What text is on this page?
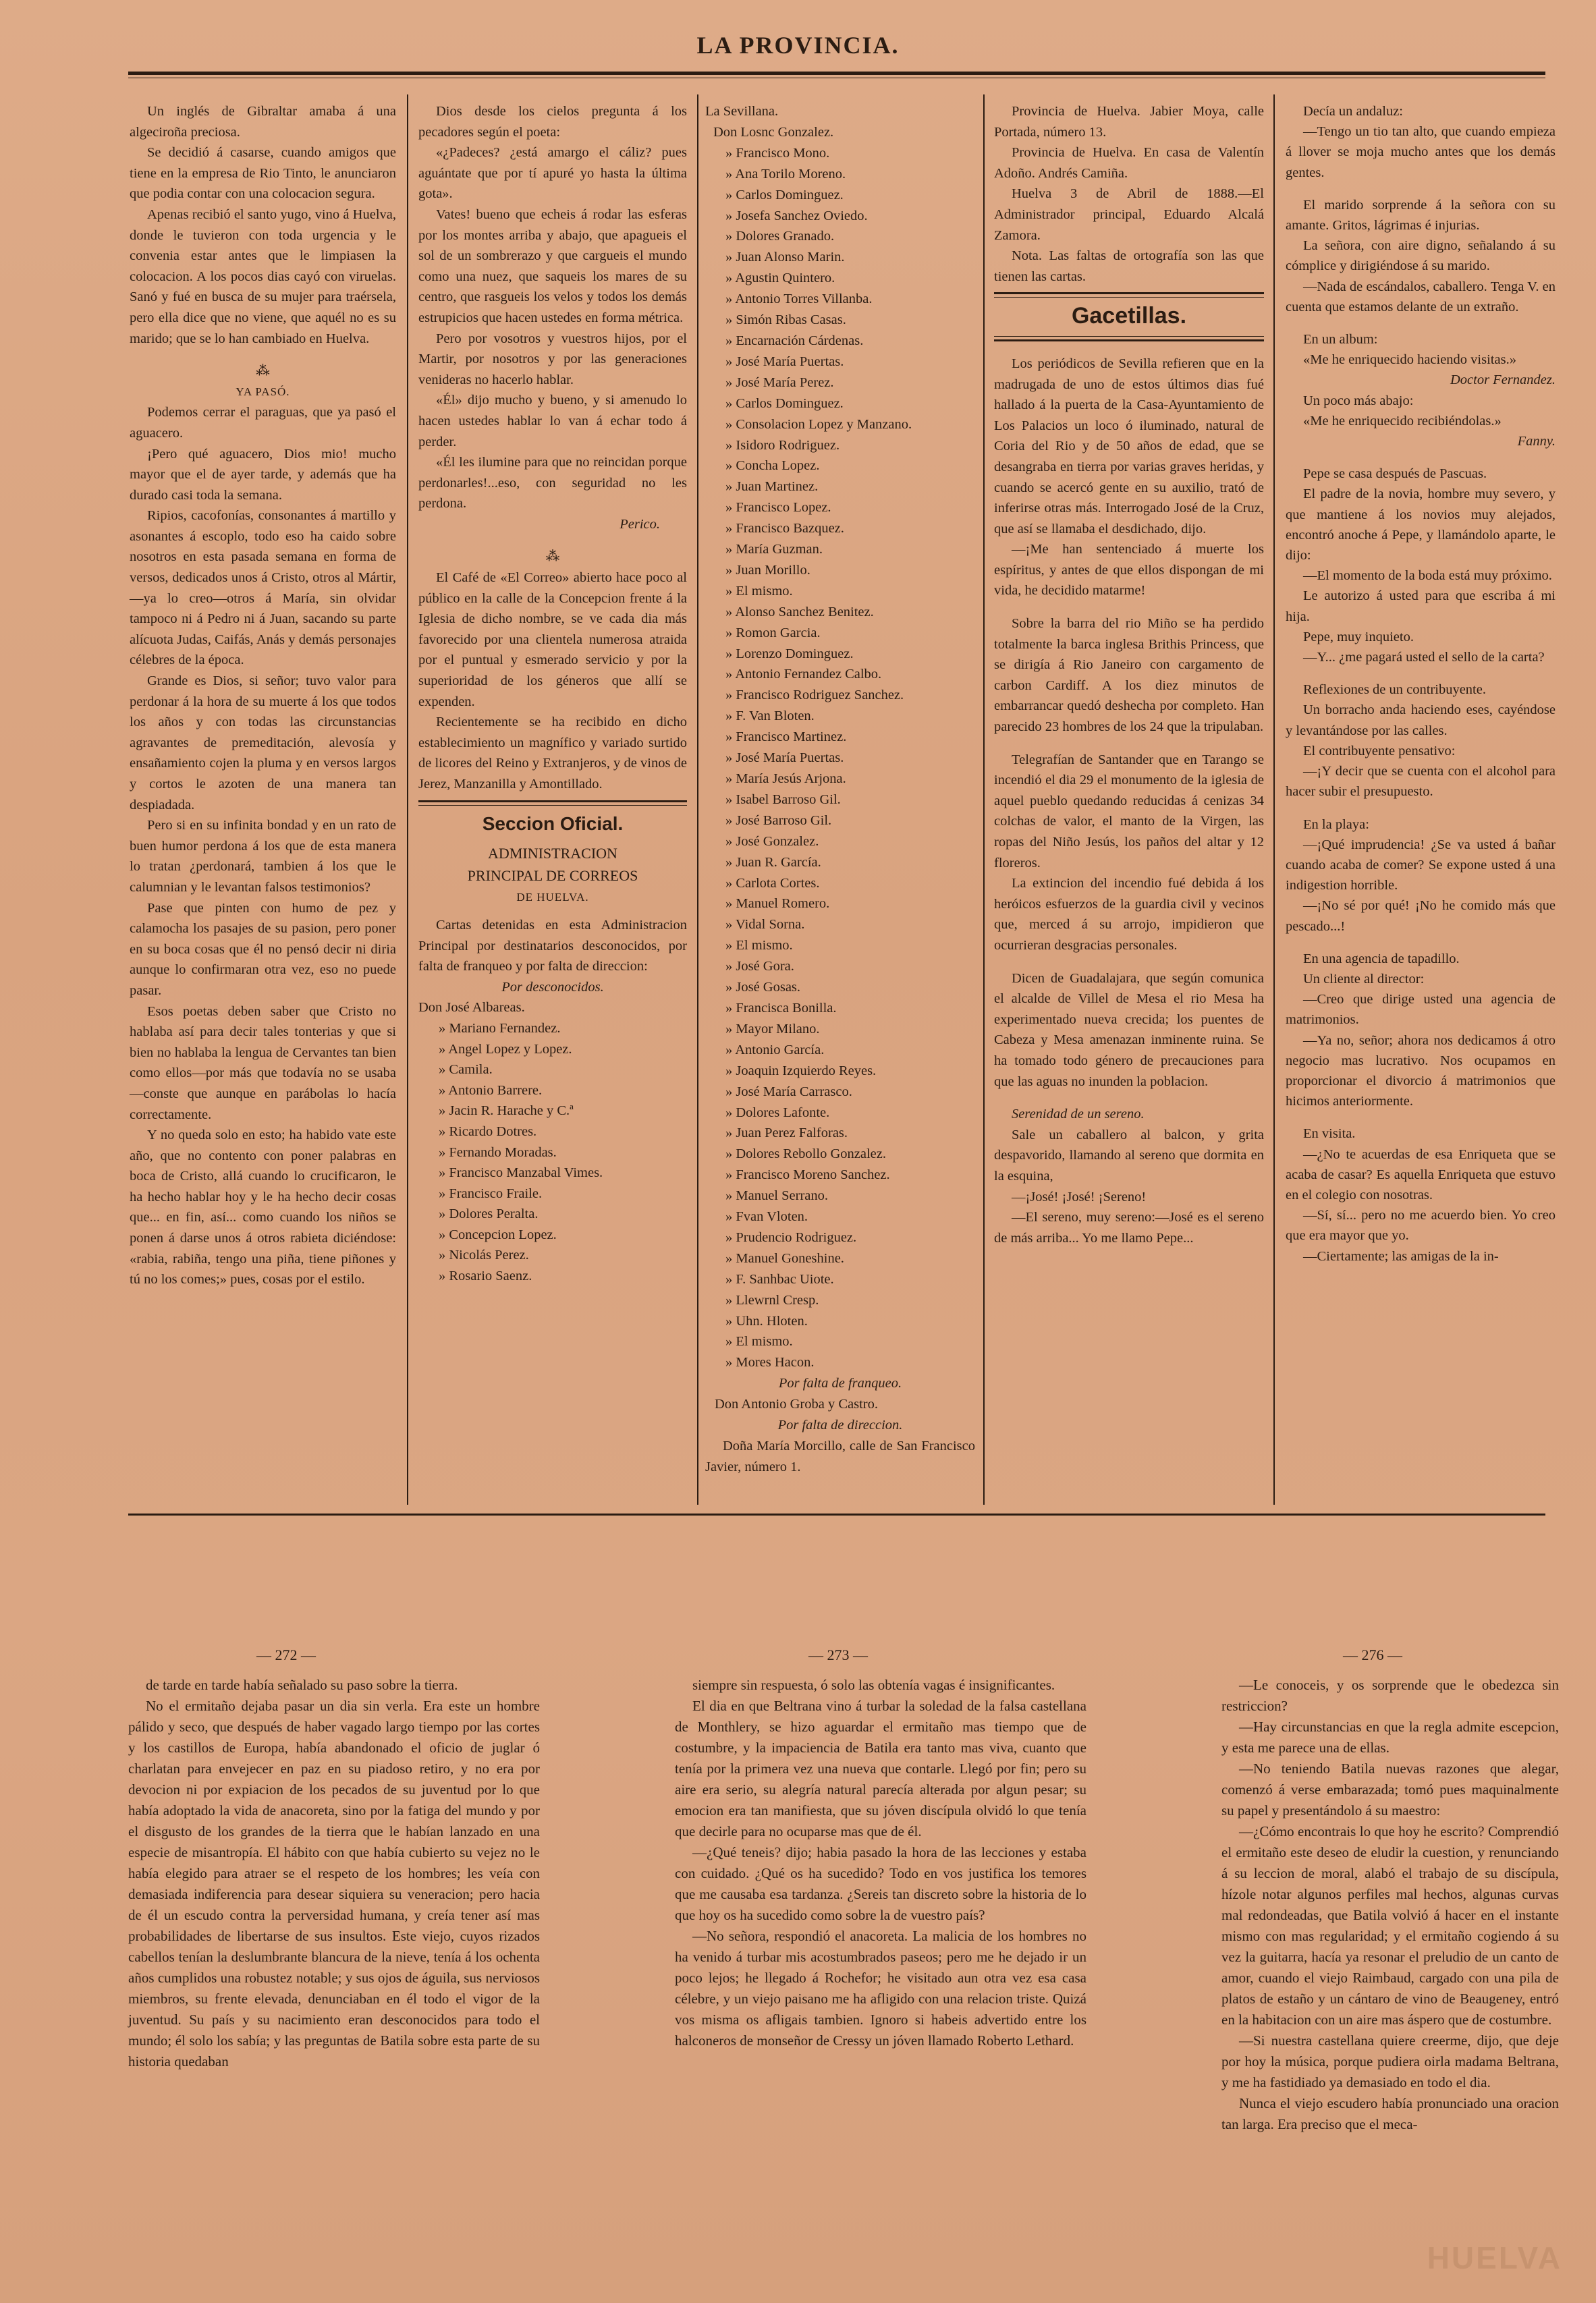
LA PROVINCIA.

Un inglés de Gibraltar amaba á una algeciroña preciosa.

Se decidió á casarse, cuando amigos que tiene en la empresa de Rio Tinto, le anunciaron que podia contar con una colocacion segura.

Apenas recibió el santo yugo, vino á Huelva, donde le tuvieron con toda urgencia y le convenia estar antes que le limpiasen la colocacion. A los pocos dias cayó con viruelas. Sanó y fué en busca de su mujer para traérsela, pero ella dice que no viene, que aquél no es su marido; que se lo han cambiado en Huelva.

⁂

YA PASÓ.

Podemos cerrar el paraguas, que ya pasó el aguacero.

¡Pero qué aguacero, Dios mio! mucho mayor que el de ayer tarde, y además que ha durado casi toda la semana.

Ripios, cacofonías, consonantes á martillo y asonantes á escoplo, todo eso ha caido sobre nosotros en esta pasada semana en forma de versos, dedicados unos á Cristo, otros al Mártir,—ya lo creo—otros á María, sin olvidar tampoco ni á Pedro ni á Juan, sacando su parte alícuota Judas, Caifás, Anás y demás personajes célebres de la época.

Grande es Dios, si señor; tuvo valor para perdonar á la hora de su muerte á los que todos los años y con todas las circunstancias agravantes de premeditación, alevosía y ensañamiento cojen la pluma y en versos largos y cortos le azoten de una manera tan despiadada.

Pero si en su infinita bondad y en un rato de buen humor perdona á los que de esta manera lo tratan ¿perdonará, tambien á los que le calumnian y le levantan falsos testimonios?

Pase que pinten con humo de pez y calamocha los pasajes de su pasion, pero poner en su boca cosas que él no pensó decir ni diria aunque lo confirmaran otra vez, eso no puede pasar.

Esos poetas deben saber que Cristo no hablaba así para decir tales tonterias y que si bien no hablaba la lengua de Cervantes tan bien como ellos—por más que todavía no se usaba—conste que aunque en parábolas lo hacía correctamente.

Y no queda solo en esto; ha habido vate este año, que no contento con poner palabras en boca de Cristo, allá cuando lo crucificaron, le ha hecho hablar hoy y le ha hecho decir cosas que... en fin, así... como cuando los niños se ponen á darse unos á otros rabieta diciéndose: «rabia, rabiña, tengo una piña, tiene piñones y tú no los comes;» pues, cosas por el estilo.

Dios desde los cielos pregunta á los pecadores según el poeta:

«¿Padeces? ¿está amargo el cáliz? pues aguántate que por tí apuré yo hasta la última gota».

Vates! bueno que echeis á rodar las esferas por los montes arriba y abajo, que apagueis el sol de un sombrerazo y que cargueis el mundo como una nuez, que saqueis los mares de su centro, que rasgueis los velos y todos los demás estrupicios que hacen ustedes en forma métrica.

Pero por vosotros y vuestros hijos, por el Martir, por nosotros y por las generaciones venideras no hacerlo hablar.

«Él» dijo mucho y bueno, y si amenudo lo hacen ustedes hablar lo van á echar todo á perder.

«Él les ilumine para que no reincidan porque perdonarles!...eso, con seguridad no les perdona.

Perico.

⁂

El Café de «El Correo» abierto hace poco al público en la calle de la Concepcion frente á la Iglesia de dicho nombre, se ve cada dia más favorecido por una clientela numerosa atraida por el puntual y esmerado servicio y por la superioridad de los géneros que allí se expenden.

Recientemente se ha recibido en dicho establecimiento un magnífico y variado surtido de licores del Reino y Extranjeros, y de vinos de Jerez, Manzanilla y Amontillado.

Seccion Oficial.
ADMINISTRACION
PRINCIPAL DE CORREOS
DE HUELVA.

Cartas detenidas en esta Administracion Principal por destinatarios desconocidos, por falta de franqueo y por falta de direccion:

Por desconocidos.

Don José Albareas.

» Mariano Fernandez.

» Angel Lopez y Lopez.

» Camila.

» Antonio Barrere.

» Jacin R. Harache y C.ª

» Ricardo Dotres.

» Fernando Moradas.

» Francisco Manzabal Vimes.

» Francisco Fraile.

» Dolores Peralta.

» Concepcion Lopez.

» Nicolás Perez.

» Rosario Saenz.

La Sevillana.

Don Losnc Gonzalez.

» Francisco Mono.

» Ana Torilo Moreno.

» Carlos Dominguez.

» Josefa Sanchez Oviedo.

» Dolores Granado.

» Juan Alonso Marin.

» Agustin Quintero.

» Antonio Torres Villanba.

» Simón Ribas Casas.

» Encarnación Cárdenas.

» José María Puertas.

» José María Perez.

» Carlos Dominguez.

» Consolacion Lopez y Manzano.

» Isidoro Rodriguez.

» Concha Lopez.

» Juan Martinez.

» Francisco Lopez.

» Francisco Bazquez.

» María Guzman.

» Juan Morillo.

» El mismo.

» Alonso Sanchez Benitez.

» Romon Garcia.

» Lorenzo Dominguez.

» Antonio Fernandez Calbo.

» Francisco Rodriguez Sanchez.

» F. Van Bloten.

» Francisco Martinez.

» José María Puertas.

» María Jesús Arjona.

» Isabel Barroso Gil.

» José Barroso Gil.

» José Gonzalez.

» Juan R. García.

» Carlota Cortes.

» Manuel Romero.

» Vidal Sorna.

» El mismo.

» José Gora.

» José Gosas.

» Francisca Bonilla.

» Mayor Milano.

» Antonio García.

» Joaquin Izquierdo Reyes.

» José María Carrasco.

» Dolores Lafonte.

» Juan Perez Falforas.

» Dolores Rebollo Gonzalez.

» Francisco Moreno Sanchez.

» Manuel Serrano.

» Fvan Vloten.

» Prudencio Rodriguez.

» Manuel Goneshine.

» F. Sanhbac Uiote.

» Llewrnl Cresp.

» Uhn. Hloten.

» El mismo.

» Mores Hacon.

Por falta de franqueo.

Don Antonio Groba y Castro.

Por falta de direccion.

Doña María Morcillo, calle de San Francisco Javier, número 1.

Provincia de Huelva. Jabier Moya, calle Portada, número 13.

Provincia de Huelva. En casa de Valentín Adoño. Andrés Camiña.

Huelva 3 de Abril de 1888.—El Administrador principal, Eduardo Alcalá Zamora.

Nota. Las faltas de ortografía son las que tienen las cartas.

Gacetillas.

Los periódicos de Sevilla refieren que en la madrugada de uno de estos últimos dias fué hallado á la puerta de la Casa-Ayuntamiento de Los Palacios un loco ó iluminado, natural de Coria del Rio y de 50 años de edad, que se desangraba en tierra por varias graves heridas, y cuando se acercó gente en su auxilio, trató de inferirse otras más. Interrogado José de la Cruz, que así se llamaba el desdichado, dijo.

—¡Me han sentenciado á muerte los espíritus, y antes de que ellos dispongan de mi vida, he decidido matarme!

Sobre la barra del rio Miño se ha perdido totalmente la barca inglesa Brithis Princess, que se dirigía á Rio Janeiro con cargamento de carbon Cardiff. A los diez minutos de embarrancar quedó deshecha por completo. Han parecido 23 hombres de los 24 que la tripulaban.

Telegrafían de Santander que en Tarango se incendió el dia 29 el monumento de la iglesia de aquel pueblo quedando reducidas á cenizas 34 colchas de valor, el manto de la Virgen, las ropas del Niño Jesús, los paños del altar y 12 floreros.

La extincion del incendio fué debida á los heróicos esfuerzos de la guardia civil y vecinos que, merced á su arrojo, impidieron que ocurrieran desgracias personales.

Dicen de Guadalajara, que según comunica el alcalde de Villel de Mesa el rio Mesa ha experimentado nueva crecida; los puentes de Cabeza y Mesa amenazan inminente ruina. Se ha tomado todo género de precauciones para que las aguas no inunden la poblacion.

Serenidad de un sereno.

Sale un caballero al balcon, y grita despavorido, llamando al sereno que dormita en la esquina,

—¡José! ¡José! ¡Sereno!

—El sereno, muy sereno:—José es el sereno de más arriba... Yo me llamo Pepe...

Decía un andaluz:

—Tengo un tio tan alto, que cuando empieza á llover se moja mucho antes que los demás gentes.

El marido sorprende á la señora con su amante. Gritos, lágrimas é injurias.

La señora, con aire digno, señalando á su cómplice y dirigiéndose á su marido.

—Nada de escándalos, caballero. Tenga V. en cuenta que estamos delante de un extraño.

En un album:

«Me he enriquecido haciendo visitas.»

Doctor Fernandez.

Un poco más abajo:

«Me he enriquecido recibiéndolas.»

Fanny.

Pepe se casa después de Pascuas.

El padre de la novia, hombre muy severo, y que mantiene á los novios muy alejados, encontró anoche á Pepe, y llamándolo aparte, le dijo:

—El momento de la boda está muy próximo.

Le autorizo á usted para que escriba á mi hija.

Pepe, muy inquieto.

—Y... ¿me pagará usted el sello de la carta?

Reflexiones de un contribuyente.

Un borracho anda haciendo eses, cayéndose y levantándose por las calles.

El contribuyente pensativo:

—¡Y decir que se cuenta con el alcohol para hacer subir el presupuesto.

En la playa:

—¡Qué imprudencia! ¿Se va usted á bañar cuando acaba de comer? Se expone usted á una indigestion horrible.

—¡No sé por qué! ¡No he comido más que pescado...!

En una agencia de tapadillo.

Un cliente al director:

—Creo que dirige usted una agencia de matrimonios.

—Ya no, señor; ahora nos dedicamos á otro negocio mas lucrativo. Nos ocupamos en proporcionar el divorcio á matrimonios que hicimos anteriormente.

En visita.

—¿No te acuerdas de esa Enriqueta que se acaba de casar? Es aquella Enriqueta que estuvo en el colegio con nosotras.

—Sí, sí... pero no me acuerdo bien. Yo creo que era mayor que yo.

—Ciertamente; las amigas de la in-

— 272 —	— 273 —	— 276 —

de tarde en tarde había señalado su paso sobre la tierra.

No el ermitaño dejaba pasar un dia sin verla. Era este un hombre pálido y seco, que después de haber vagado largo tiempo por las cortes y los castillos de Europa, había abandonado el oficio de juglar ó charlatan para envejecer en paz en su piadoso retiro, y no era por devocion ni por expiacion de los pecados de su juventud por lo que había adoptado la vida de anacoreta, sino por la fatiga del mundo y por el disgusto de los grandes de la tierra que le habían lanzado en una especie de misantropía. El hábito con que había cubierto su vejez no le había elegido para atraer se el respeto de los hombres; les veía con demasiada indiferencia para desear siquiera su veneracion; pero hacia de él un escudo contra la perversidad humana, y creía tener así mas probabilidades de libertarse de sus insultos. Este viejo, cuyos rizados cabellos tenían la deslumbrante blancura de la nieve, tenía á los ochenta años cumplidos una robustez notable; y sus ojos de águila, sus nerviosos miembros, su frente elevada, denunciaban en él todo el vigor de la juventud. Su país y su nacimiento eran desconocidos para todo el mundo; él solo los sabía; y las preguntas de Batila sobre esta parte de su historia quedaban

siempre sin respuesta, ó solo las obtenía vagas é insignificantes.

El dia en que Beltrana vino á turbar la soledad de la falsa castellana de Monthlery, se hizo aguardar el ermitaño mas tiempo que de costumbre, y la impaciencia de Batila era tanto mas viva, cuanto que tenía por la primera vez una nueva que contarle. Llegó por fin; pero su aire era serio, su alegría natural parecía alterada por algun pesar; su emocion era tan manifiesta, que su jóven discípula olvidó lo que tenía que decirle para no ocuparse mas que de él.

—¿Qué teneis? dijo; habia pasado la hora de las lecciones y estaba con cuidado. ¿Qué os ha sucedido? Todo en vos justifica los temores que me causaba esa tardanza. ¿Sereis tan discreto sobre la historia de lo que hoy os ha sucedido como sobre la de vuestro país?

—No señora, respondió el anacoreta. La malicia de los hombres no ha venido á turbar mis acostumbrados paseos; pero me he dejado ir un poco lejos; he llegado á Rochefor; he visitado aun otra vez esa casa célebre, y un viejo paisano me ha afligido con una relacion triste. Quizá vos misma os afligais tambien. Ignoro si habeis advertido entre los halconeros de monseñor de Cressy un jóven llamado Roberto Lethard.

—Le conoceis, y os sorprende que le obedezca sin restriccion?

—Hay circunstancias en que la regla admite escepcion, y esta me parece una de ellas.

—No teniendo Batila nuevas razones que alegar, comenzó á verse embarazada; tomó pues maquinalmente su papel y presentándolo á su maestro:

—¿Cómo encontrais lo que hoy he escrito? Comprendió el ermitaño este deseo de eludir la cuestion, y renunciando á su leccion de moral, alabó el trabajo de su discípula, hízole notar algunos perfiles mal hechos, algunas curvas mal redondeadas, que Batila volvió á hacer en el instante mismo con mas regularidad; y el ermitaño cogiendo á su vez la guitarra, hacía ya resonar el preludio de un canto de amor, cuando el viejo Raimbaud, cargado con una pila de platos de estaño y un cántaro de vino de Beaugeney, entró en la habitacion con un aire mas áspero que de costumbre.

—Si nuestra castellana quiere creerme, dijo, que deje por hoy la música, porque pudiera oirla madama Beltrana, y me ha fastidiado ya demasiado en todo el dia.

Nunca el viejo escudero había pronunciado una oracion tan larga. Era preciso que el meca-

HUELVA
